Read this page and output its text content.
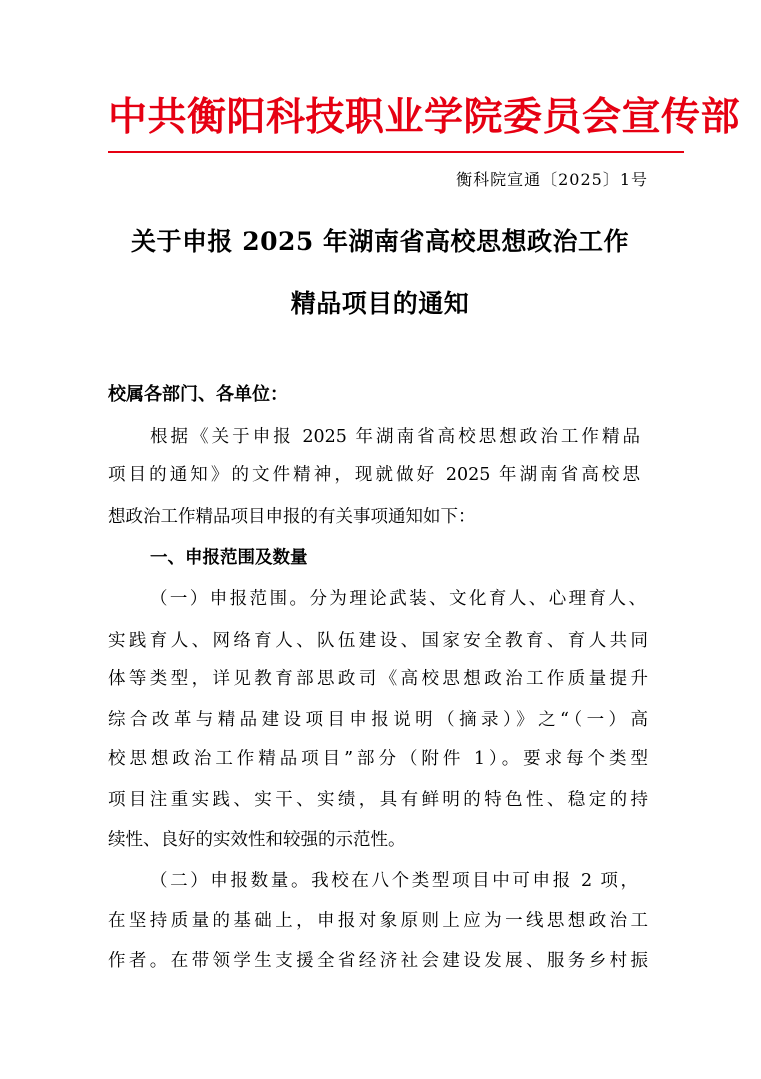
中共衡阳科技职业学院委员会宣传部
衡科院宣通〔2025〕1号
关于申报 2025 年湖南省高校思想政治工作
精品项目的通知
校属各部门、各单位：
根据《关于申报 2025 年湖南省高校思想政治工作精品
项目的通知》的文件精神，现就做好 2025 年湖南省高校思
想政治工作精品项目申报的有关事项通知如下：
一、申报范围及数量
（一）申报范围。分为理论武装、文化育人、心理育人、
实践育人、网络育人、队伍建设、国家安全教育、育人共同
体等类型，详见教育部思政司《高校思想政治工作质量提升
综合改革与精品建设项目申报说明（摘录）》之“（一）高
校思想政治工作精品项目”部分（附件 1）。要求每个类型
项目注重实践、实干、实绩，具有鲜明的特色性、稳定的持
续性、良好的实效性和较强的示范性。
（二）申报数量。我校在八个类型项目中可申报 2 项，
在坚持质量的基础上，申报对象原则上应为一线思想政治工
作者。在带领学生支援全省经济社会建设发展、服务乡村振
